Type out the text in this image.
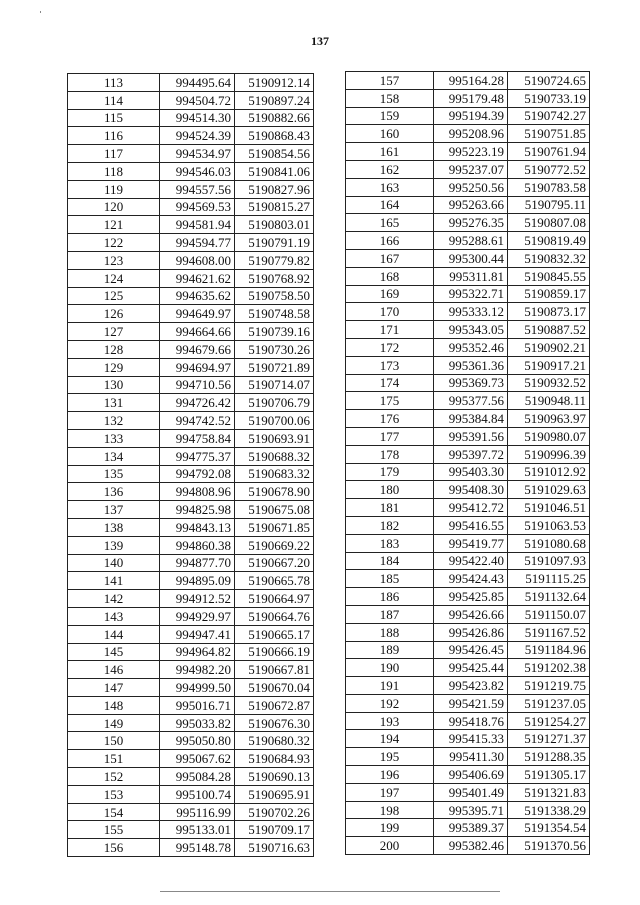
137
113	994495.64	5190912.14
114	994504.72	5190897.24
115	994514.30	5190882.66
116	994524.39	5190868.43
117	994534.97	5190854.56
118	994546.03	5190841.06
119	994557.56	5190827.96
120	994569.53	5190815.27
121	994581.94	5190803.01
122	994594.77	5190791.19
123	994608.00	5190779.82
124	994621.62	5190768.92
125	994635.62	5190758.50
126	994649.97	5190748.58
127	994664.66	5190739.16
128	994679.66	5190730.26
129	994694.97	5190721.89
130	994710.56	5190714.07
131	994726.42	5190706.79
132	994742.52	5190700.06
133	994758.84	5190693.91
134	994775.37	5190688.32
135	994792.08	5190683.32
136	994808.96	5190678.90
137	994825.98	5190675.08
138	994843.13	5190671.85
139	994860.38	5190669.22
140	994877.70	5190667.20
141	994895.09	5190665.78
142	994912.52	5190664.97
143	994929.97	5190664.76
144	994947.41	5190665.17
145	994964.82	5190666.19
146	994982.20	5190667.81
147	994999.50	5190670.04
148	995016.71	5190672.87
149	995033.82	5190676.30
150	995050.80	5190680.32
151	995067.62	5190684.93
152	995084.28	5190690.13
153	995100.74	5190695.91
154	995116.99	5190702.26
155	995133.01	5190709.17
156	995148.78	5190716.63
157	995164.28	5190724.65
158	995179.48	5190733.19
159	995194.39	5190742.27
160	995208.96	5190751.85
161	995223.19	5190761.94
162	995237.07	5190772.52
163	995250.56	5190783.58
164	995263.66	5190795.11
165	995276.35	5190807.08
166	995288.61	5190819.49
167	995300.44	5190832.32
168	995311.81	5190845.55
169	995322.71	5190859.17
170	995333.12	5190873.17
171	995343.05	5190887.52
172	995352.46	5190902.21
173	995361.36	5190917.21
174	995369.73	5190932.52
175	995377.56	5190948.11
176	995384.84	5190963.97
177	995391.56	5190980.07
178	995397.72	5190996.39
179	995403.30	5191012.92
180	995408.30	5191029.63
181	995412.72	5191046.51
182	995416.55	5191063.53
183	995419.77	5191080.68
184	995422.40	5191097.93
185	995424.43	5191115.25
186	995425.85	5191132.64
187	995426.66	5191150.07
188	995426.86	5191167.52
189	995426.45	5191184.96
190	995425.44	5191202.38
191	995423.82	5191219.75
192	995421.59	5191237.05
193	995418.76	5191254.27
194	995415.33	5191271.37
195	995411.30	5191288.35
196	995406.69	5191305.17
197	995401.49	5191321.83
198	995395.71	5191338.29
199	995389.37	5191354.54
200	995382.46	5191370.56
